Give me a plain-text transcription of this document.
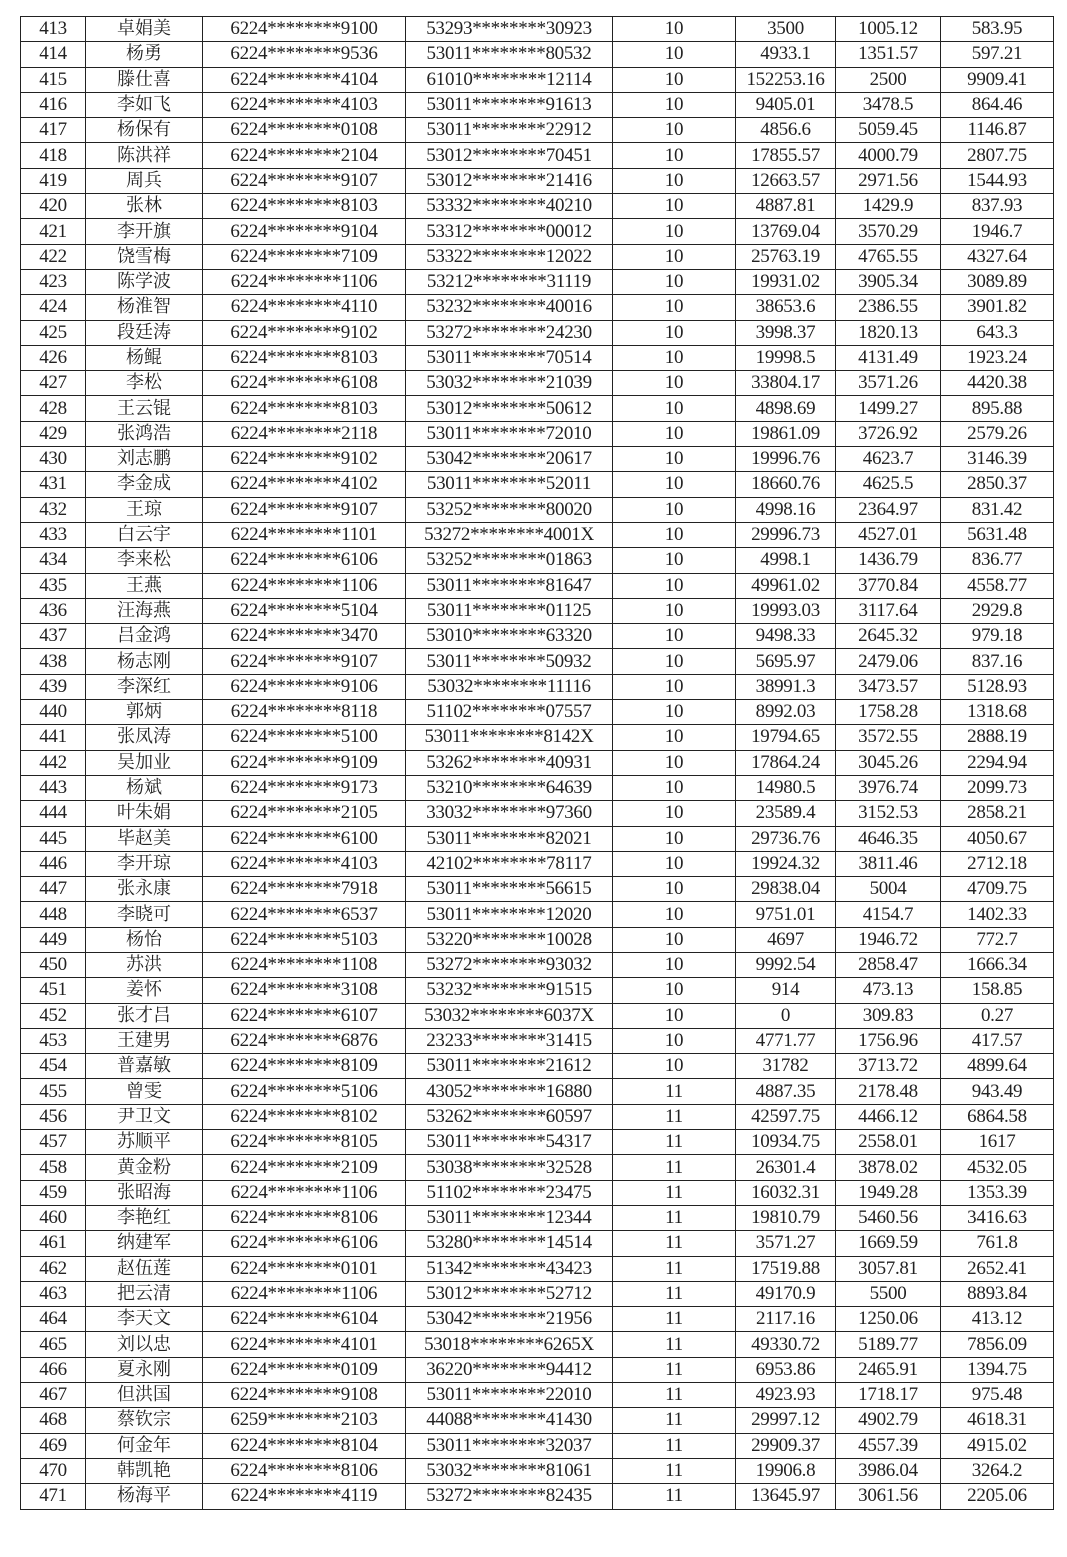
413	卓娟美	6224********9100	53293********30923	10	3500	1005.12	583.95
414	杨勇	6224********9536	53011********80532	10	4933.1	1351.57	597.21
415	滕仕喜	6224********4104	61010********12114	10	152253.16	2500	9909.41
416	李如飞	6224********4103	53011********91613	10	9405.01	3478.5	864.46
417	杨保有	6224********0108	53011********22912	10	4856.6	5059.45	1146.87
418	陈洪祥	6224********2104	53012********70451	10	17855.57	4000.79	2807.75
419	周兵	6224********9107	53012********21416	10	12663.57	2971.56	1544.93
420	张林	6224********8103	53332********40210	10	4887.81	1429.9	837.93
421	李开旗	6224********9104	53312********00012	10	13769.04	3570.29	1946.7
422	饶雪梅	6224********7109	53322********12022	10	25763.19	4765.55	4327.64
423	陈学波	6224********1106	53212********31119	10	19931.02	3905.34	3089.89
424	杨淮智	6224********4110	53232********40016	10	38653.6	2386.55	3901.82
425	段廷涛	6224********9102	53272********24230	10	3998.37	1820.13	643.3
426	杨鲲	6224********8103	53011********70514	10	19998.5	4131.49	1923.24
427	李松	6224********6108	53032********21039	10	33804.17	3571.26	4420.38
428	王云锟	6224********8103	53012********50612	10	4898.69	1499.27	895.88
429	张鸿浩	6224********2118	53011********72010	10	19861.09	3726.92	2579.26
430	刘志鹏	6224********9102	53042********20617	10	19996.76	4623.7	3146.39
431	李金成	6224********4102	53011********52011	10	18660.76	4625.5	2850.37
432	王琼	6224********9107	53252********80020	10	4998.16	2364.97	831.42
433	白云宇	6224********1101	53272********4001X	10	29996.73	4527.01	5631.48
434	李来松	6224********6106	53252********01863	10	4998.1	1436.79	836.77
435	王燕	6224********1106	53011********81647	10	49961.02	3770.84	4558.77
436	汪海燕	6224********5104	53011********01125	10	19993.03	3117.64	2929.8
437	吕金鸿	6224********3470	53010********63320	10	9498.33	2645.32	979.18
438	杨志刚	6224********9107	53011********50932	10	5695.97	2479.06	837.16
439	李深红	6224********9106	53032********11116	10	38991.3	3473.57	5128.93
440	郭炳	6224********8118	51102********07557	10	8992.03	1758.28	1318.68
441	张凤涛	6224********5100	53011********8142X	10	19794.65	3572.55	2888.19
442	吴加业	6224********9109	53262********40931	10	17864.24	3045.26	2294.94
443	杨斌	6224********9173	53210********64639	10	14980.5	3976.74	2099.73
444	叶朱娟	6224********2105	33032********97360	10	23589.4	3152.53	2858.21
445	毕赵美	6224********6100	53011********82021	10	29736.76	4646.35	4050.67
446	李开琼	6224********4103	42102********78117	10	19924.32	3811.46	2712.18
447	张永康	6224********7918	53011********56615	10	29838.04	5004	4709.75
448	李晓可	6224********6537	53011********12020	10	9751.01	4154.7	1402.33
449	杨怡	6224********5103	53220********10028	10	4697	1946.72	772.7
450	苏洪	6224********1108	53272********93032	10	9992.54	2858.47	1666.34
451	姜怀	6224********3108	53232********91515	10	914	473.13	158.85
452	张才吕	6224********6107	53032********6037X	10	0	309.83	0.27
453	王建男	6224********6876	23233********31415	10	4771.77	1756.96	417.57
454	普嘉敏	6224********8109	53011********21612	10	31782	3713.72	4899.64
455	曾雯	6224********5106	43052********16880	11	4887.35	2178.48	943.49
456	尹卫文	6224********8102	53262********60597	11	42597.75	4466.12	6864.58
457	苏顺平	6224********8105	53011********54317	11	10934.75	2558.01	1617
458	黄金粉	6224********2109	53038********32528	11	26301.4	3878.02	4532.05
459	张昭海	6224********1106	51102********23475	11	16032.31	1949.28	1353.39
460	李艳红	6224********8106	53011********12344	11	19810.79	5460.56	3416.63
461	纳建军	6224********6106	53280********14514	11	3571.27	1669.59	761.8
462	赵伍莲	6224********0101	51342********43423	11	17519.88	3057.81	2652.41
463	把云清	6224********1106	53012********52712	11	49170.9	5500	8893.84
464	李天文	6224********6104	53042********21956	11	2117.16	1250.06	413.12
465	刘以忠	6224********4101	53018********6265X	11	49330.72	5189.77	7856.09
466	夏永刚	6224********0109	36220********94412	11	6953.86	2465.91	1394.75
467	但洪国	6224********9108	53011********22010	11	4923.93	1718.17	975.48
468	蔡钦宗	6259********2103	44088********41430	11	29997.12	4902.79	4618.31
469	何金年	6224********8104	53011********32037	11	29909.37	4557.39	4915.02
470	韩凯艳	6224********8106	53032********81061	11	19906.8	3986.04	3264.2
471	杨海平	6224********4119	53272********82435	11	13645.97	3061.56	2205.06
